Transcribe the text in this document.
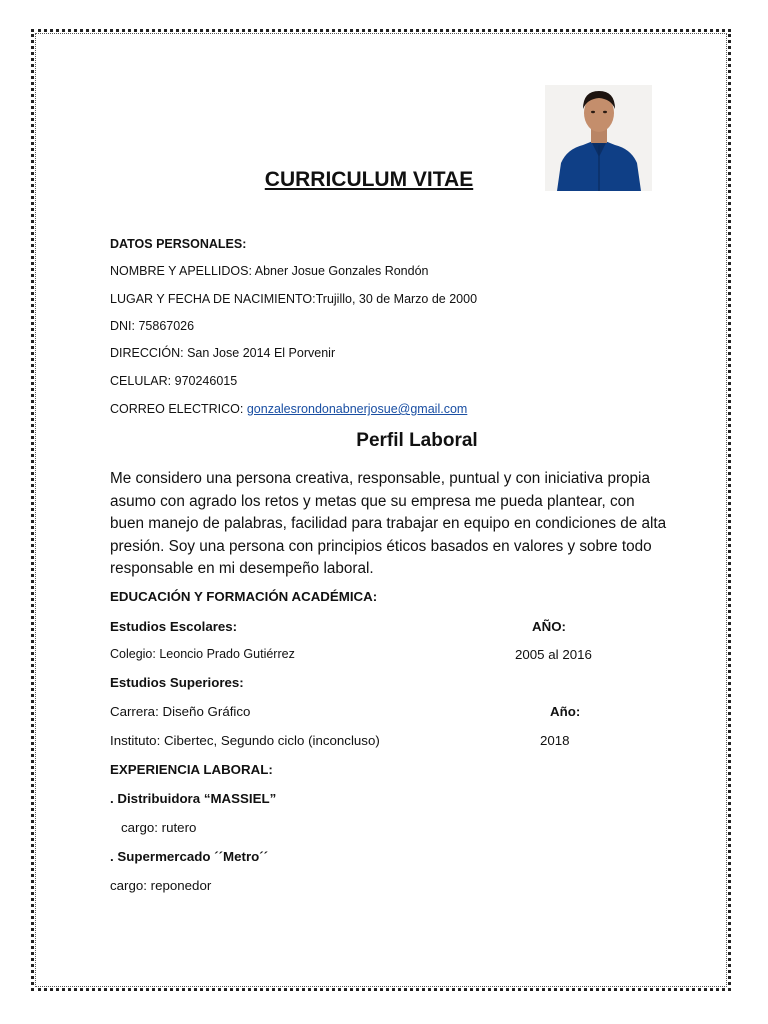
CURRICULUM VITAE
DATOS PERSONALES:
NOMBRE Y APELLIDOS: Abner Josue Gonzales Rondón
LUGAR Y FECHA DE NACIMIENTO:Trujillo, 30 de Marzo de 2000
DNI: 75867026
DIRECCIÓN: San Jose 2014 El Porvenir
CELULAR: 970246015
CORREO ELECTRICO: gonzalesrondonabnerjosue@gmail.com
Perfil Laboral
Me considero una persona creativa, responsable, puntual y con iniciativa propia asumo con agrado los retos y metas que su empresa me pueda plantear, con buen manejo de palabras, facilidad para trabajar en equipo en condiciones de alta presión. Soy una persona con principios éticos basados en valores y sobre todo responsable en mi desempeño laboral.
EDUCACIÓN Y FORMACIÓN ACADÉMICA:
Estudios Escolares:	AÑO:
Colegio: Leoncio Prado Gutiérrez	2005 al 2016
Estudios Superiores:
Carrera: Diseño Gráfico	Año:
Instituto: Cibertec, Segundo ciclo (inconcluso)	2018
EXPERIENCIA LABORAL:
. Distribuidora “MASSIEL”
cargo: rutero
. Supermercado ´´Metro´´
cargo: reponedor
